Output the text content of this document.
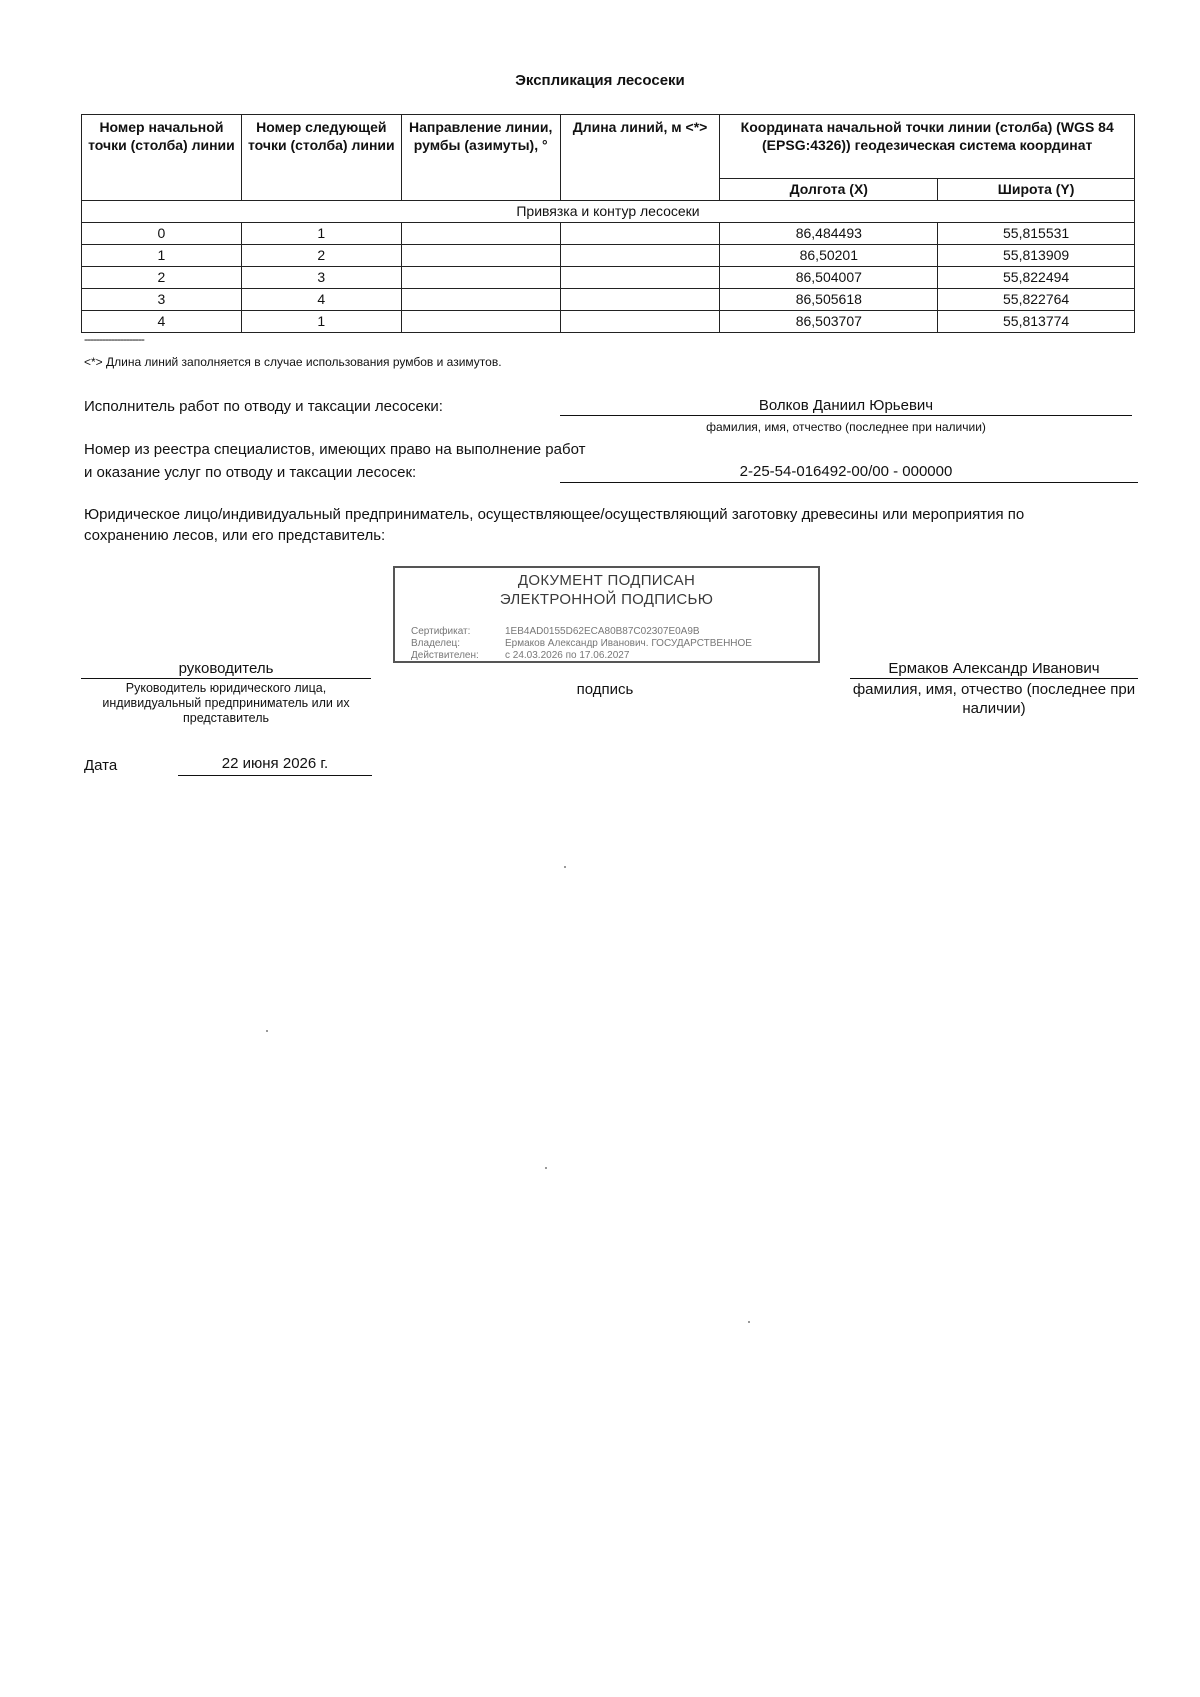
Экспликация лесосеки
Номер начальной точки (столба) линии	Номер следующей точки (столба) линии	Направление линии, румбы (азимуты), °	Длина линий, м <*>	Координата начальной точки линии (столба) (WGS 84 (EPSG:4326)) геодезическая система координат	
				Долгота (X)	Широта (Y)
Привязка и контур лесосеки					
0	1			86,484493	55,815531
1	2			86,50201	55,813909
2	3			86,504007	55,822494
3	4			86,505618	55,822764
4	1			86,503707	55,813774
--------------------
<*> Длина линий заполняется в случае использования румбов и азимутов.
Исполнитель работ по отводу и таксации лесосеки:	Волков Даниил Юрьевич
фамилия, имя, отчество (последнее при наличии)
Номер из реестра специалистов, имеющих право на выполнение работ
и оказание услуг по отводу и таксации лесосек:	2-25-54-016492-00/00 - 000000
Юридическое лицо/индивидуальный предприниматель, осуществляющее/осуществляющий заготовку древесины или мероприятия по
сохранению лесов, или его представитель:
ДОКУМЕНТ ПОДПИСАН
ЭЛЕКТРОННОЙ ПОДПИСЬЮ
Сертификат:	1EB4AD0155D62ECA80B87C02307E0A9B
Владелец:	Ермаков Александр Иванович. ГОСУДАРСТВЕННОЕ
Действителен:	с 24.03.2026 по 17.06.2027
руководитель
Руководитель юридического лица, индивидуальный предприниматель или их представитель
подпись
Ермаков Александр Иванович
фамилия, имя, отчество (последнее при наличии)
Дата	22 июня 2026 г.
